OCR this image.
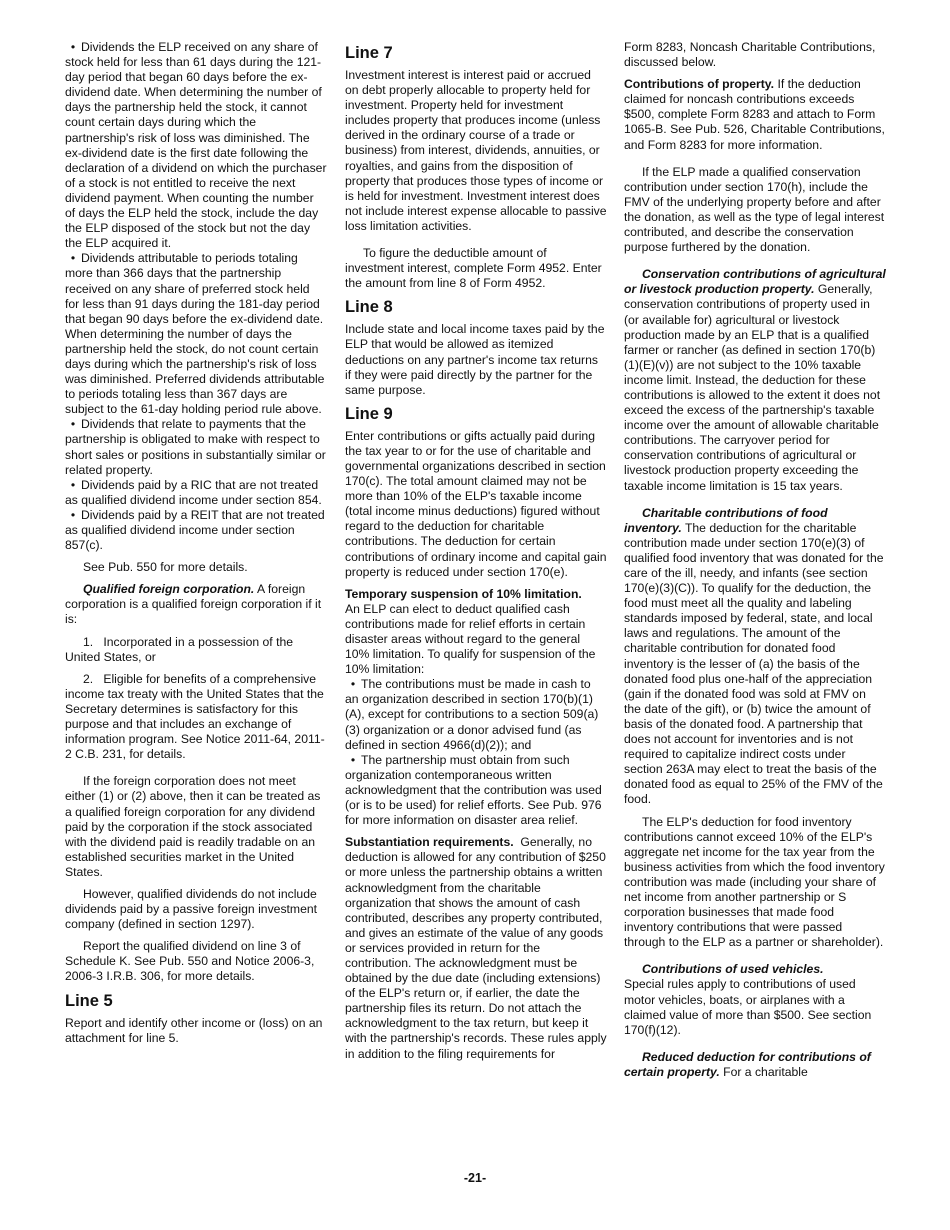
• Dividends the ELP received on any share of stock held for less than 61 days during the 121-day period that began 60 days before the ex-dividend date. When determining the number of days the partnership held the stock, it cannot count certain days during which the partnership's risk of loss was diminished. The ex-dividend date is the first date following the declaration of a dividend on which the purchaser of a stock is not entitled to receive the next dividend payment. When counting the number of days the ELP held the stock, include the day the ELP disposed of the stock but not the day the ELP acquired it.

• Dividends attributable to periods totaling more than 366 days that the partnership received on any share of preferred stock held for less than 91 days during the 181-day period that began 90 days before the ex-dividend date. When determining the number of days the partnership held the stock, do not count certain days during which the partnership's risk of loss was diminished. Preferred dividends attributable to periods totaling less than 367 days are subject to the 61-day holding period rule above.

• Dividends that relate to payments that the partnership is obligated to make with respect to short sales or positions in substantially similar or related property.

• Dividends paid by a RIC that are not treated as qualified dividend income under section 854.

• Dividends paid by a REIT that are not treated as qualified dividend income under section 857(c).

See Pub. 550 for more details.

Qualified foreign corporation. A foreign corporation is a qualified foreign corporation if it is:

1.   Incorporated in a possession of the United States, or

2.   Eligible for benefits of a comprehensive income tax treaty with the United States that the Secretary determines is satisfactory for this purpose and that includes an exchange of information program. See Notice 2011-64, 2011-2 C.B. 231, for details.

If the foreign corporation does not meet either (1) or (2) above, then it can be treated as a qualified foreign corporation for any dividend paid by the corporation if the stock associated with the dividend paid is readily tradable on an established securities market in the United States.

However, qualified dividends do not include dividends paid by a passive foreign investment company (defined in section 1297).

Report the qualified dividend on line 3 of Schedule K. See Pub. 550 and Notice 2006-3, 2006-3 I.R.B. 306, for more details.

Line 5

Report and identify other income or (loss) on an attachment for line 5.

Line 7

Investment interest is interest paid or accrued on debt properly allocable to property held for investment. Property held for investment includes property that produces income (unless derived in the ordinary course of a trade or business) from interest, dividends, annuities, or royalties, and gains from the disposition of property that produces those types of income or is held for investment. Investment interest does not include interest expense allocable to passive loss limitation activities.

To figure the deductible amount of investment interest, complete Form 4952. Enter the amount from line 8 of Form 4952.

Line 8

Include state and local income taxes paid by the ELP that would be allowed as itemized deductions on any partner's income tax returns if they were paid directly by the partner for the same purpose.

Line 9

Enter contributions or gifts actually paid during the tax year to or for the use of charitable and governmental organizations described in section 170(c). The total amount claimed may not be more than 10% of the ELP's taxable income (total income minus deductions) figured without regard to the deduction for charitable contributions. The deduction for certain contributions of ordinary income and capital gain property is reduced under section 170(e).

Temporary suspension of 10% limitation.
An ELP can elect to deduct qualified cash contributions made for relief efforts in certain disaster areas without regard to the general 10% limitation. To qualify for suspension of the 10% limitation:

• The contributions must be made in cash to an organization described in section 170(b)(1)(A), except for contributions to a section 509(a)(3) organization or a donor advised fund (as defined in section 4966(d)(2)); and

• The partnership must obtain from such organization contemporaneous written acknowledgment that the contribution was used (or is to be used) for relief efforts. See Pub. 976 for more information on disaster area relief.

Substantiation requirements.  Generally, no deduction is allowed for any contribution of $250 or more unless the partnership obtains a written acknowledgment from the charitable organization that shows the amount of cash contributed, describes any property contributed, and gives an estimate of the value of any goods or services provided in return for the contribution. The acknowledgment must be obtained by the due date (including extensions) of the ELP's return or, if earlier, the date the partnership files its return. Do not attach the acknowledgment to the tax return, but keep it with the partnership's records. These rules apply in addition to the filing requirements for

Form 8283, Noncash Charitable Contributions, discussed below.

Contributions of property. If the deduction claimed for noncash contributions exceeds $500, complete Form 8283 and attach to Form 1065-B. See Pub. 526, Charitable Contributions, and Form 8283 for more information.

If the ELP made a qualified conservation contribution under section 170(h), include the FMV of the underlying property before and after the donation, as well as the type of legal interest contributed, and describe the conservation purpose furthered by the donation.

Conservation contributions of agricultural or livestock production property. Generally, conservation contributions of property used in (or available for) agricultural or livestock production made by an ELP that is a qualified farmer or rancher (as defined in section 170(b)(1)(E)(v)) are not subject to the 10% taxable income limit. Instead, the deduction for these contributions is allowed to the extent it does not exceed the excess of the partnership's taxable income over the amount of allowable charitable contributions. The carryover period for conservation contributions of agricultural or livestock production property exceeding the taxable income limitation is 15 tax years.

Charitable contributions of food inventory. The deduction for the charitable contribution made under section 170(e)(3) of qualified food inventory that was donated for the care of the ill, needy, and infants (see section 170(e)(3)(C)). To qualify for the deduction, the food must meet all the quality and labeling standards imposed by federal, state, and local laws and regulations. The amount of the charitable contribution for donated food inventory is the lesser of (a) the basis of the donated food plus one-half of the appreciation (gain if the donated food was sold at FMV on the date of the gift), or (b) twice the amount of basis of the donated food. A partnership that does not account for inventories and is not required to capitalize indirect costs under section 263A may elect to treat the basis of the donated food as equal to 25% of the FMV of the food.

The ELP's deduction for food inventory contributions cannot exceed 10% of the ELP's aggregate net income for the tax year from the business activities from which the food inventory contribution was made (including your share of net income from another partnership or S corporation businesses that made food inventory contributions that were passed through to the ELP as a partner or shareholder).

Contributions of used vehicles.
Special rules apply to contributions of used motor vehicles, boats, or airplanes with a claimed value of more than $500. See section 170(f)(12).

Reduced deduction for contributions of certain property. For a charitable

-21-
